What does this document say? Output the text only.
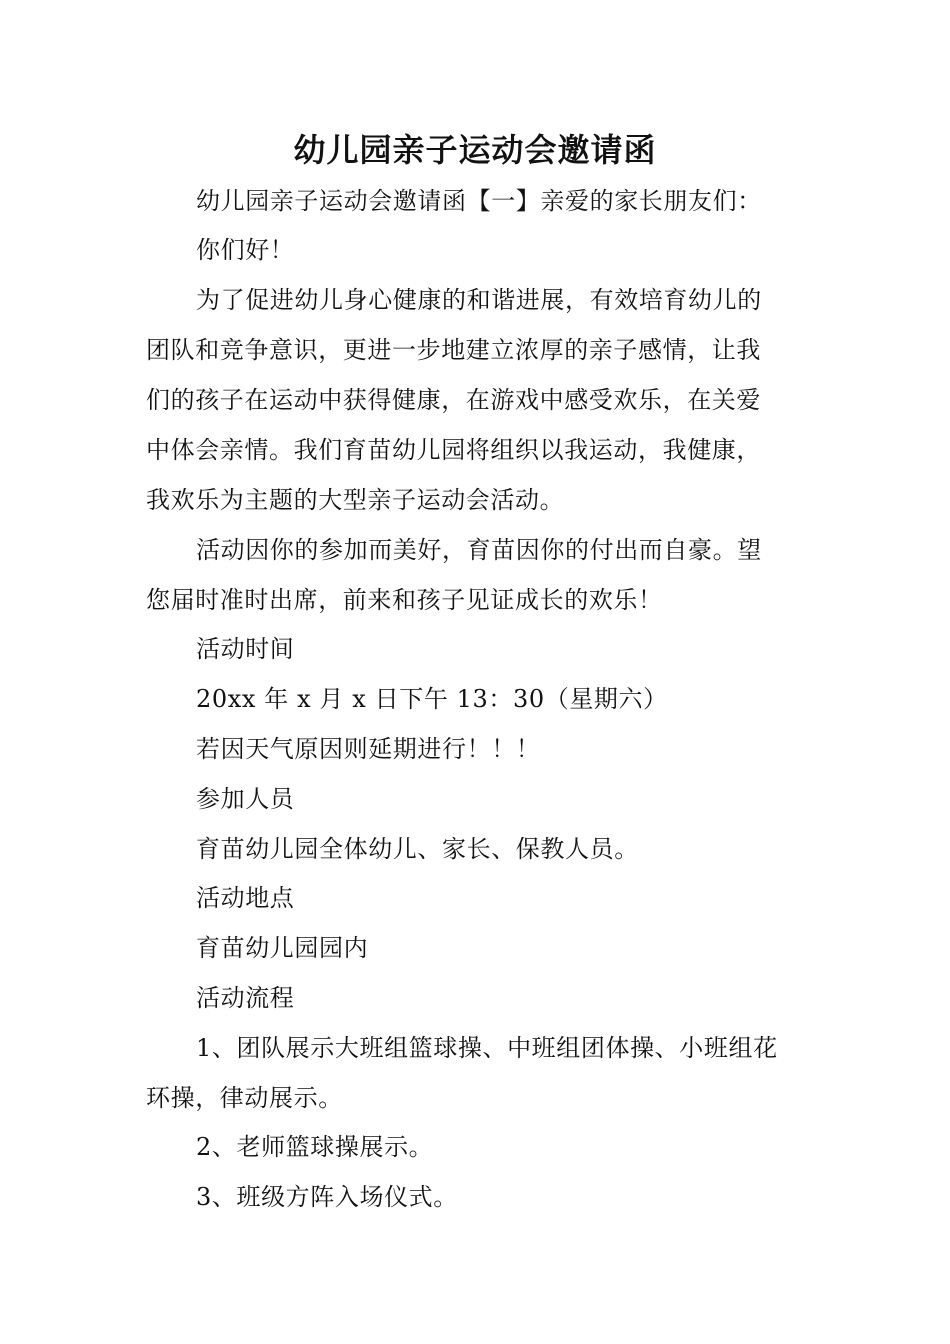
幼儿园亲子运动会邀请函
幼儿园亲子运动会邀请函【一】亲爱的家长朋友们：
你们好！
为了促进幼儿身心健康的和谐进展，有效培育幼儿的
团队和竞争意识，更进一步地建立浓厚的亲子感情，让我
们的孩子在运动中获得健康，在游戏中感受欢乐，在关爱
中体会亲情。我们育苗幼儿园将组织以我运动，我健康，
我欢乐为主题的大型亲子运动会活动。
活动因你的参加而美好，育苗因你的付出而自豪。望
您届时准时出席，前来和孩子见证成长的欢乐！
活动时间
20xx 年 x 月 x 日下午 13：30（星期六）
若因天气原因则延期进行！！！
参加人员
育苗幼儿园全体幼儿、家长、保教人员。
活动地点
育苗幼儿园园内
活动流程
1、团队展示大班组篮球操、中班组团体操、小班组花
环操，律动展示。
2、老师篮球操展示。
3、班级方阵入场仪式。
